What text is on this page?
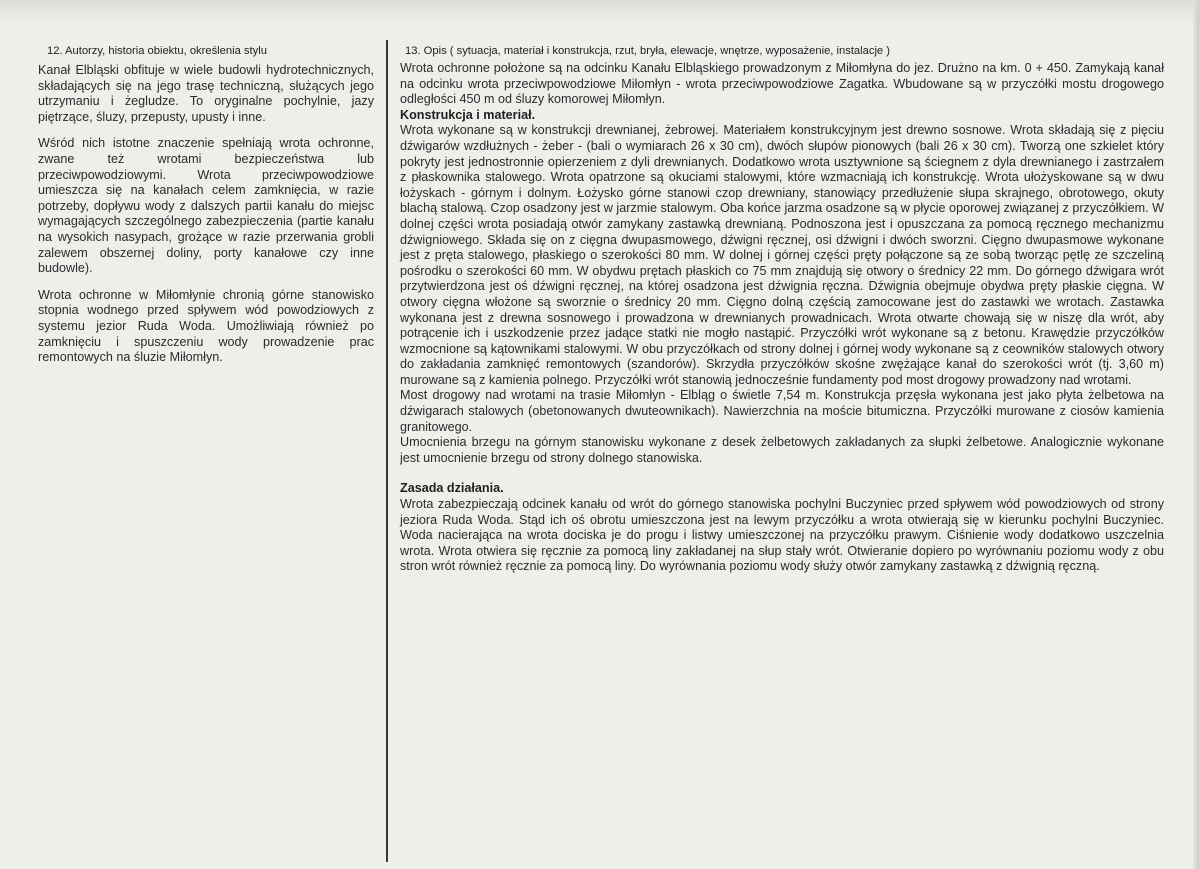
12. Autorzy, historia obiektu, określenia stylu

Kanał Elbląski obfituje w wiele budowli hydrotechnicznych, składających się na jego trasę techniczną, służących jego utrzymaniu i żegludze. To oryginalne pochylnie, jazy piętrzące, śluzy, przepusty, upusty i inne.

Wśród nich istotne znaczenie spełniają wrota ochronne, zwane też wrotami bezpieczeństwa lub przeciwpowodziowymi. Wrota przeciwpowodziowe umieszcza się na kanałach celem zamknięcia, w razie potrzeby, dopływu wody z dalszych partii kanału do miejsc wymagających szczególnego zabezpieczenia (partie kanału na wysokich nasypach, grożące w razie przerwania grobli zalewem obszernej doliny, porty kanałowe czy inne budowle).

Wrota ochronne w Miłomłynie chronią górne stanowisko stopnia wodnego przed spływem wód powodziowych z systemu jezior Ruda Woda. Umożliwiają również po zamknięciu i spuszczeniu wody prowadzenie prac remontowych na śluzie Miłomłyn.

13. Opis ( sytuacja, materiał i konstrukcja, rzut, bryła, elewacje, wnętrze, wyposażenie, instalacje )

Wrota ochronne położone są na odcinku Kanału Elbląskiego prowadzonym z Miłomłyna do jez. Drużno na km. 0 + 450. Zamykają kanał na odcinku wrota przeciwpowodziowe Miłomłyn - wrota przeciwpowodziowe Zagatka. Wbudowane są w przyczółki mostu drogowego odległości 450 m od śluzy komorowej Miłomłyn.

Konstrukcja i materiał.

Wrota wykonane są w konstrukcji drewnianej, żebrowej. Materiałem konstrukcyjnym jest drewno sosnowe. Wrota składają się z pięciu dźwigarów wzdłużnych - żeber - (bali o wymiarach 26 x 30 cm), dwóch słupów pionowych (bali 26 x 30 cm). Tworzą one szkielet który pokryty jest jednostronnie opierzeniem z dyli drewnianych. Dodatkowo wrota usztywnione są ściegnem z dyla drewnianego i zastrzałem z płaskownika stalowego. Wrota opatrzone są okuciami stalowymi, które wzmacniają ich konstrukcję. Wrota ułożyskowane są w dwu łożyskach - górnym i dolnym. Łożysko górne stanowi czop drewniany, stanowiący przedłużenie słupa skrajnego, obrotowego, okuty blachą stalową. Czop osadzony jest w jarzmie stalowym. Oba końce jarzma osadzone są w płycie oporowej związanej z przyczółkiem. W dolnej części wrota posiadają otwór zamykany zastawką drewnianą. Podnoszona jest i opuszczana za pomocą ręcznego mechanizmu dźwigniowego. Składa się on z cięgna dwupasmowego, dźwigni ręcznej, osi dźwigni i dwóch sworzni. Cięgno dwupasmowe wykonane jest z pręta stalowego, płaskiego o szerokości 80 mm. W dolnej i górnej części pręty połączone są ze sobą tworząc pętlę ze szczeliną pośrodku o szerokości 60 mm. W obydwu prętach płaskich co 75 mm znajdują się otwory o średnicy 22 mm. Do górnego dźwigara wrót przytwierdzona jest oś dźwigni ręcznej, na której osadzona jest dźwignia ręczna. Dźwignia obejmuje obydwa pręty płaskie cięgna. W otwory cięgna włożone są sworznie o średnicy 20 mm. Cięgno dolną częścią zamocowane jest do zastawki we wrotach. Zastawka wykonana jest z drewna sosnowego i prowadzona w drewnianych prowadnicach. Wrota otwarte chowają się w niszę dla wrót, aby potrącenie ich i uszkodzenie przez jadące statki nie mogło nastąpić. Przyczółki wrót wykonane są z betonu. Krawędzie przyczółków wzmocnione są kątownikami stalowymi. W obu przyczółkach od strony dolnej i górnej wody wykonane są z ceowników stalowych otwory do zakładania zamknięć remontowych (szandorów). Skrzydła przyczółków skośne zwężające kanał do szerokości wrót (tj. 3,60 m) murowane są z kamienia polnego. Przyczółki wrót stanowią jednocześnie fundamenty pod most drogowy prowadzony nad wrotami.

Most drogowy nad wrotami na trasie Miłomłyn - Elbląg o świetle 7,54 m. Konstrukcja przęsła wykonana jest jako płyta żelbetowa na dźwigarach stalowych (obetonowanych dwuteownikach). Nawierzchnia na moście bitumiczna. Przyczółki murowane z ciosów kamienia granitowego.

Umocnienia brzegu na górnym stanowisku wykonane z desek żelbetowych zakładanych za słupki żelbetowe. Analogicznie wykonane jest umocnienie brzegu od strony dolnego stanowiska.

Zasada działania.

Wrota zabezpieczają odcinek kanału od wrót do górnego stanowiska pochylni Buczyniec przed spływem wód powodziowych od strony jeziora Ruda Woda. Stąd ich oś obrotu umieszczona jest na lewym przyczółku a wrota otwierają się w kierunku pochylni Buczyniec. Woda nacierająca na wrota dociska je do progu i listwy umieszczonej na przyczółku prawym. Ciśnienie wody dodatkowo uszczelnia wrota. Wrota otwiera się ręcznie za pomocą liny zakładanej na słup stały wrót. Otwieranie dopiero po wyrównaniu poziomu wody z obu stron wrót również ręcznie za pomocą liny. Do wyrównania poziomu wody służy otwór zamykany zastawką z dźwignią ręczną.
